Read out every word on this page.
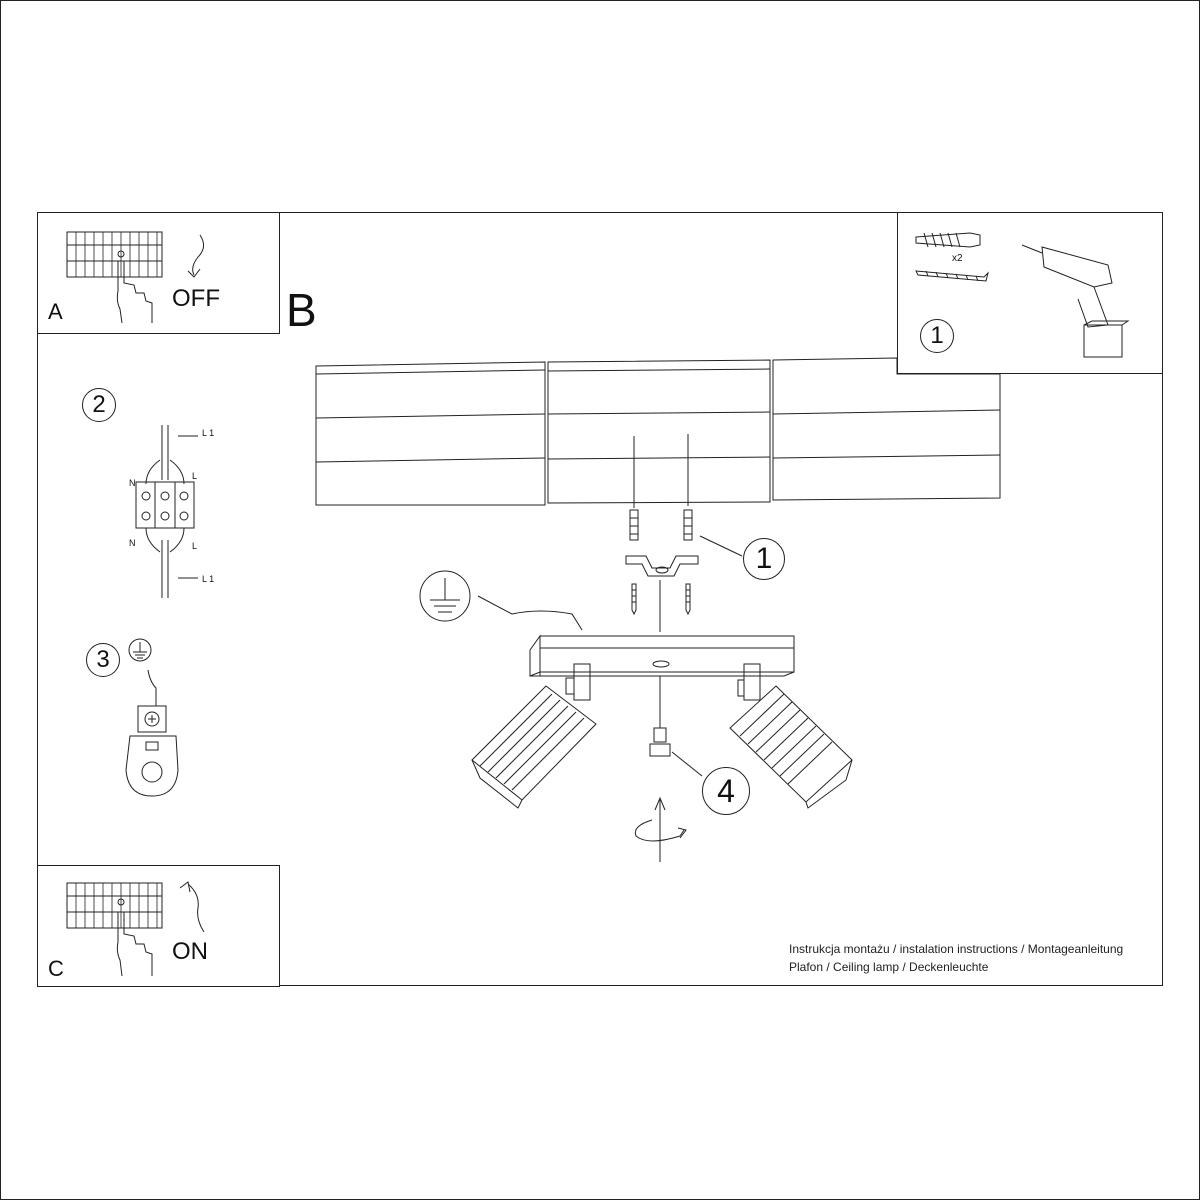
A	OFF B
x2
1
2
L 1
L 1
N
N
L
L
3
C
ON
1
4
Instrukcja montażu / instalation instructions / Montageanleitung
Plafon / Ceiling lamp / Deckenleuchte
